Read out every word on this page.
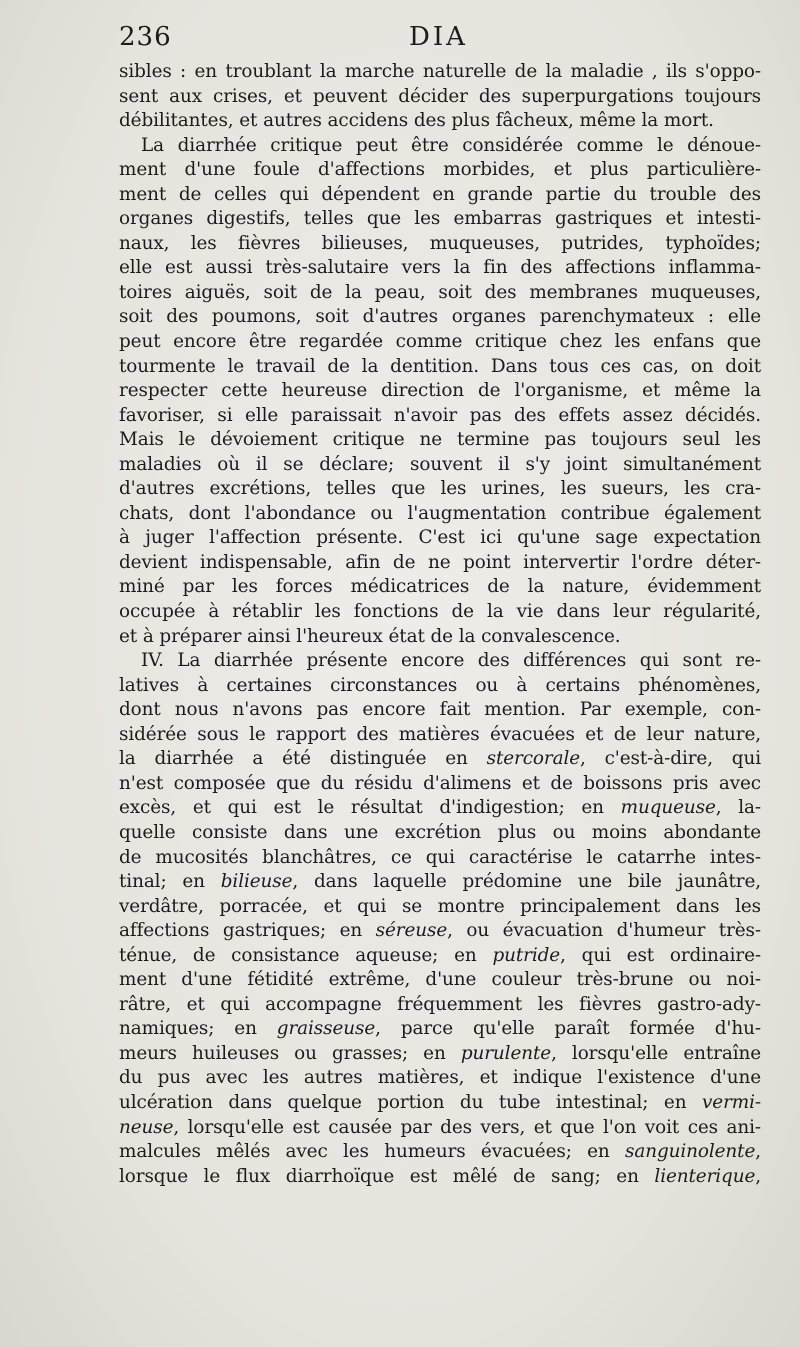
236	DIA
sibles : en troublant la marche naturelle de la maladie , ils s'oppo-
sent aux crises, et peuvent décider des superpurgations toujours
débilitantes, et autres accidens des plus fâcheux, même la mort.
La diarrhée critique peut être considérée comme le dénoue-
ment d'une foule d'affections morbides, et plus particulière-
ment de celles qui dépendent en grande partie du trouble des
organes digestifs, telles que les embarras gastriques et intesti-
naux, les fièvres bilieuses, muqueuses, putrides, typhoïdes;
elle est aussi très-salutaire vers la fin des affections inflamma-
toires aiguës, soit de la peau, soit des membranes muqueuses,
soit des poumons, soit d'autres organes parenchymateux : elle
peut encore être regardée comme critique chez les enfans que
tourmente le travail de la dentition. Dans tous ces cas, on doit
respecter cette heureuse direction de l'organisme, et même la
favoriser, si elle paraissait n'avoir pas des effets assez décidés.
Mais le dévoiement critique ne termine pas toujours seul les
maladies où il se déclare; souvent il s'y joint simultanément
d'autres excrétions, telles que les urines, les sueurs, les cra-
chats, dont l'abondance ou l'augmentation contribue également
à juger l'affection présente. C'est ici qu'une sage expectation
devient indispensable, afin de ne point intervertir l'ordre déter-
miné par les forces médicatrices de la nature, évidemment
occupée à rétablir les fonctions de la vie dans leur régularité,
et à préparer ainsi l'heureux état de la convalescence.
IV. La diarrhée présente encore des différences qui sont re-
latives à certaines circonstances ou à certains phénomènes,
dont nous n'avons pas encore fait mention. Par exemple, con-
sidérée sous le rapport des matières évacuées et de leur nature,
la diarrhée a été distinguée en stercorale, c'est-à-dire, qui
n'est composée que du résidu d'alimens et de boissons pris avec
excès, et qui est le résultat d'indigestion; en muqueuse, la-
quelle consiste dans une excrétion plus ou moins abondante
de mucosités blanchâtres, ce qui caractérise le catarrhe intes-
tinal; en bilieuse, dans laquelle prédomine une bile jaunâtre,
verdâtre, porracée, et qui se montre principalement dans les
affections gastriques; en séreuse, ou évacuation d'humeur très-
ténue, de consistance aqueuse; en putride, qui est ordinaire-
ment d'une fétidité extrême, d'une couleur très-brune ou noi-
râtre, et qui accompagne fréquemment les fièvres gastro-ady-
namiques; en graisseuse, parce qu'elle paraît formée d'hu-
meurs huileuses ou grasses; en purulente, lorsqu'elle entraîne
du pus avec les autres matières, et indique l'existence d'une
ulcération dans quelque portion du tube intestinal; en vermi-
neuse, lorsqu'elle est causée par des vers, et que l'on voit ces ani-
malcules mêlés avec les humeurs évacuées; en sanguinolente,
lorsque le flux diarrhoïque est mêlé de sang; en lienterique,
